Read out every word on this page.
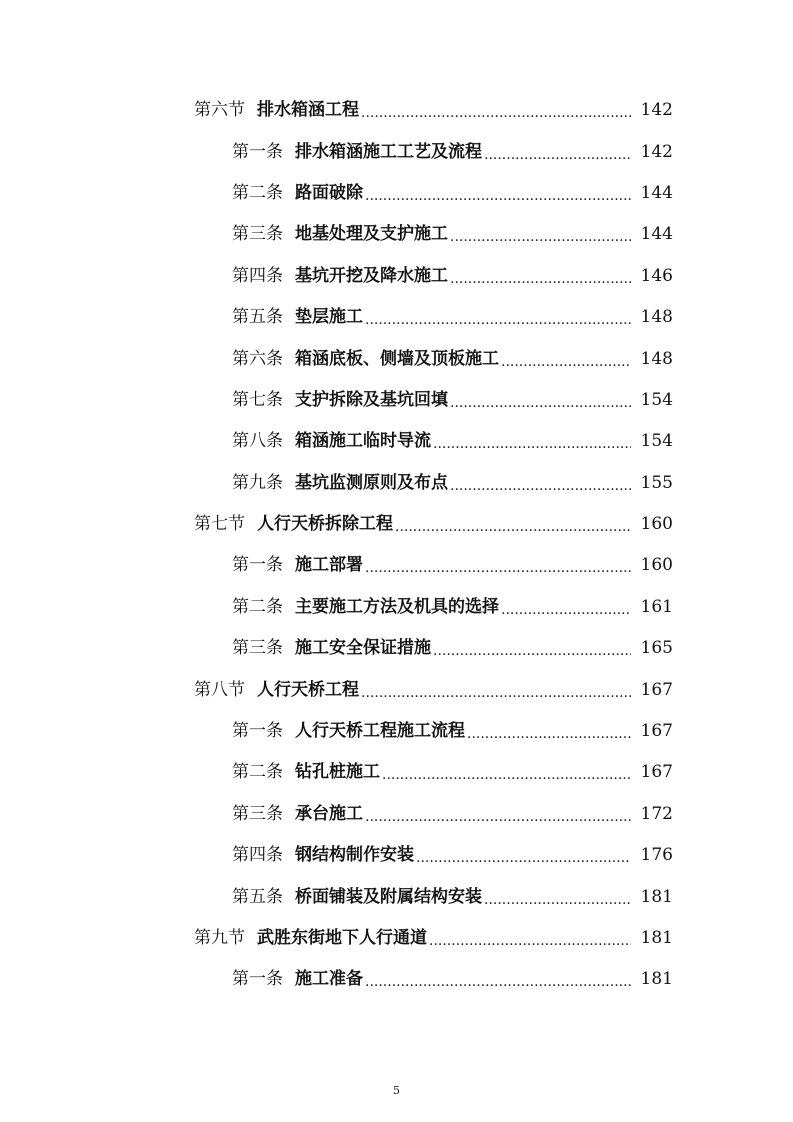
第六节 排水箱涵工程 .....	142
第一条 排水箱涵施工工艺及流程 .....	142
第二条 路面破除 .....	144
第三条 地基处理及支护施工 .....	144
第四条 基坑开挖及降水施工 .....	146
第五条 垫层施工 .....	148
第六条 箱涵底板、侧墙及顶板施工 .....	148
第七条 支护拆除及基坑回填 .....	154
第八条 箱涵施工临时导流 .....	154
第九条 基坑监测原则及布点 .....	155
第七节 人行天桥拆除工程 .....	160
第一条 施工部署 .....	160
第二条 主要施工方法及机具的选择 .....	161
第三条 施工安全保证措施 .....	165
第八节 人行天桥工程 .....	167
第一条 人行天桥工程施工流程 .....	167
第二条 钻孔桩施工 .....	167
第三条 承台施工 .....	172
第四条 钢结构制作安装 .....	176
第五条 桥面铺装及附属结构安装 .....	181
第九节 武胜东街地下人行通道 .....	181
第一条 施工准备 .....	181
5
